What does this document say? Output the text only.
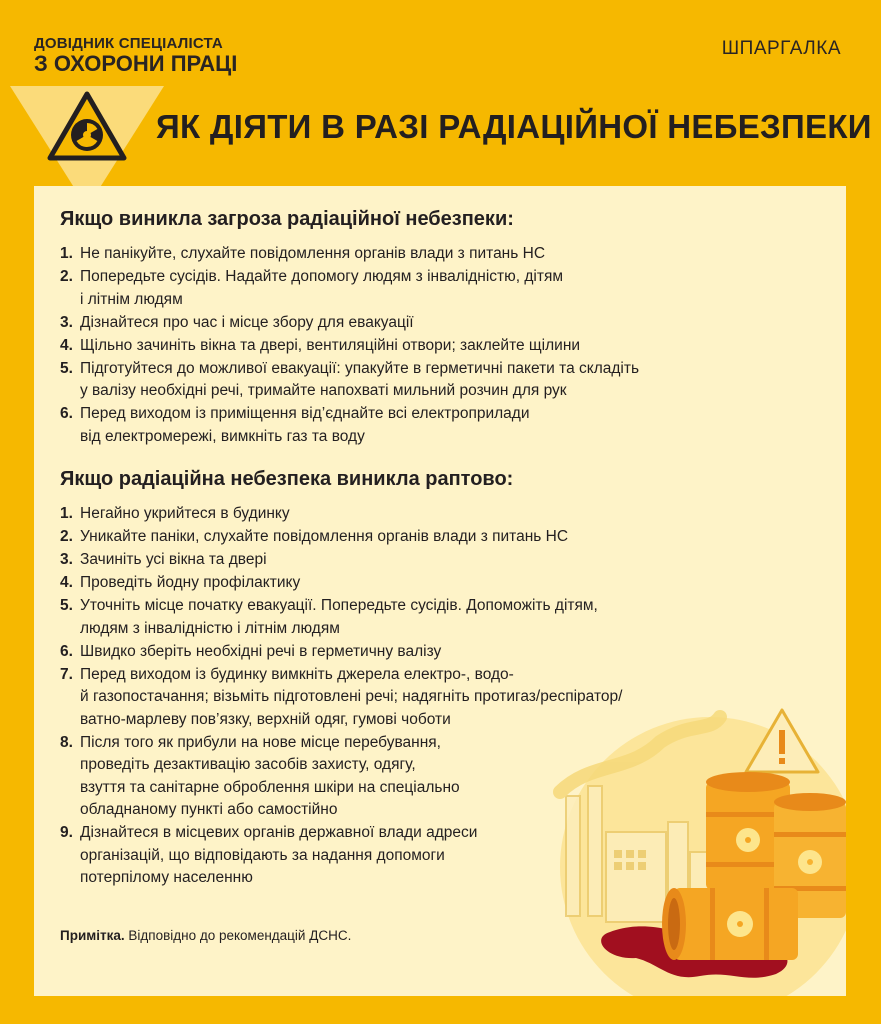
ДОВІДНИК СПЕЦІАЛІСТА
З ОХОРОНИ ПРАЦІ
ШПАРГАЛКА
ЯК ДІЯТИ В РАЗІ РАДІАЦІЙНОЇ НЕБЕЗПЕКИ
Якщо виникла загроза радіаційної небезпеки:
1. Не панікуйте, слухайте повідомлення органів влади з питань НС
2. Попередьте сусідів. Надайте допомогу людям з інвалідністю, дітям
і літнім людям
3. Дізнайтеся про час і місце збору для евакуації
4. Щільно зачиніть вікна та двері, вентиляційні отвори; заклейте щілини
5. Підготуйтеся до можливої евакуації: упакуйте в герметичні пакети та складіть
у валізу необхідні речі, тримайте напохваті мильний розчин для рук
6. Перед виходом із приміщення від’єднайте всі електроприлади
від електромережі, вимкніть газ та воду
Якщо радіаційна небезпека виникла раптово:
1. Негайно укрийтеся в будинку
2. Уникайте паніки, слухайте повідомлення органів влади з питань НС
3. Зачиніть усі вікна та двері
4. Проведіть йодну профілактику
5. Уточніть місце початку евакуації. Попередьте сусідів. Допоможіть дітям,
людям з інвалідністю і літнім людям
6. Швидко зберіть необхідні речі в герметичну валізу
7. Перед виходом із будинку вимкніть джерела електро-, водо-
й газопостачання; візьміть підготовлені речі; надягніть протигаз/респіратор/
ватно-марлеву пов’язку, верхній одяг, гумові чоботи
8. Після того як прибули на нове місце перебування,
проведіть дезактивацію засобів захисту, одягу,
взуття та санітарне оброблення шкіри на спеціально
обладнаному пункті або самостійно
9. Дізнайтеся в місцевих органів державної влади адреси
організацій, що відповідають за надання допомоги
потерпілому населенню
Примітка. Відповідно до рекомендацій ДСНС.
